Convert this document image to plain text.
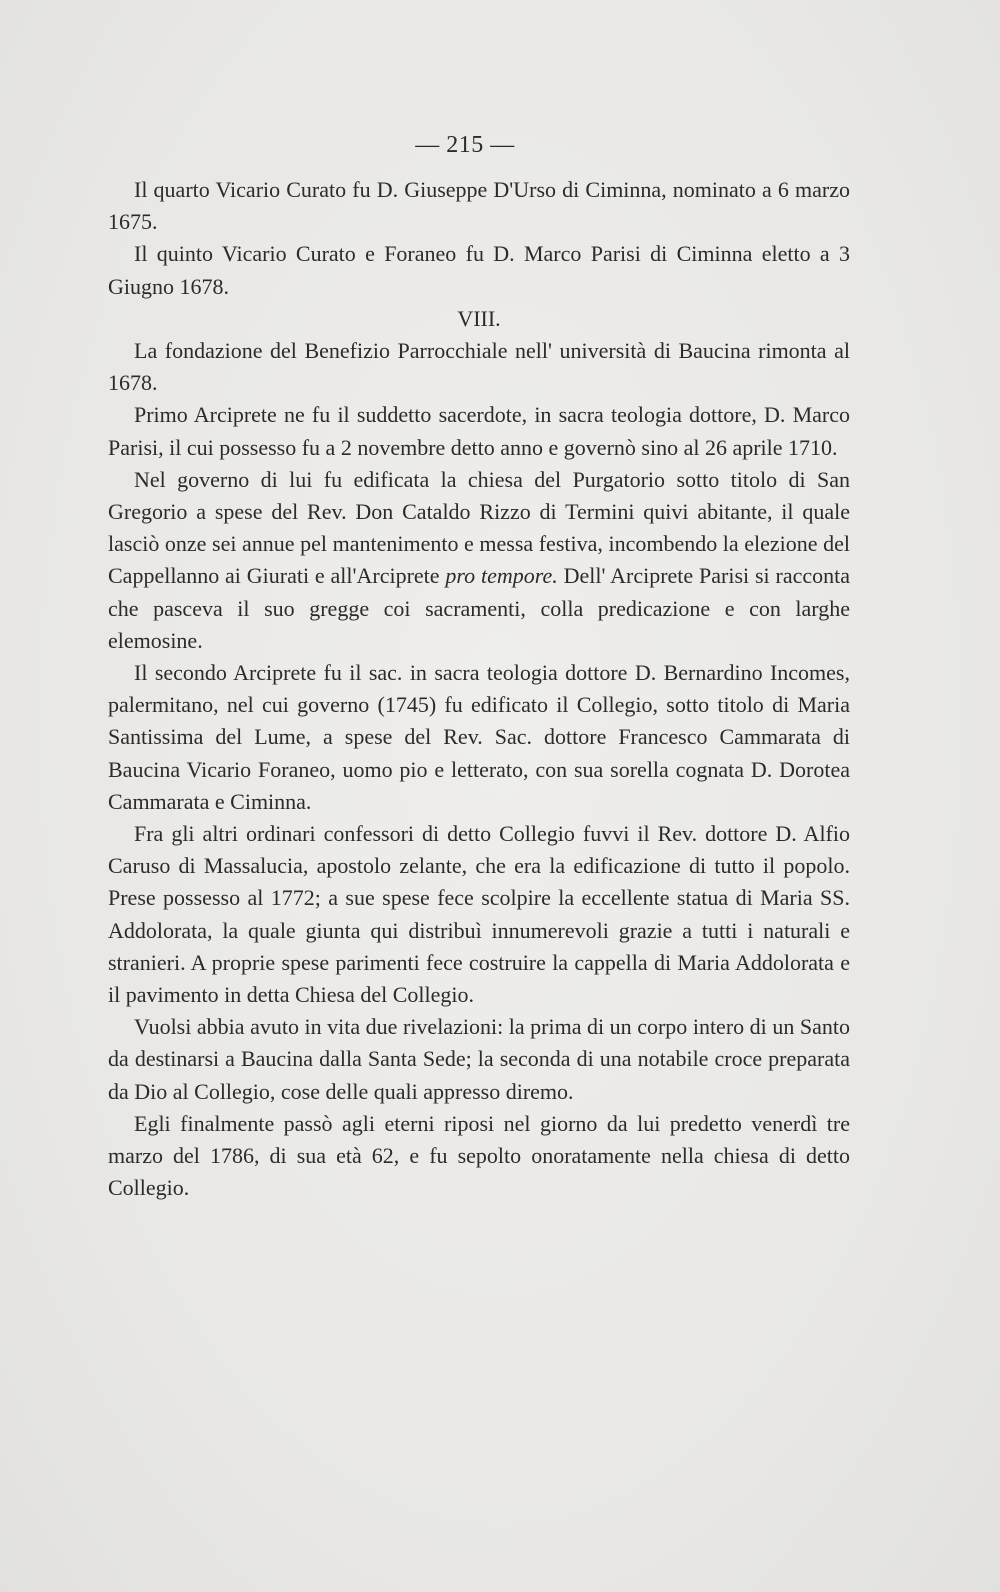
— 215 —

Il quarto Vicario Curato fu D. Giuseppe D'Urso di Ciminna, nominato a 6 marzo 1675.

Il quinto Vicario Curato e Foraneo fu D. Marco Parisi di Ciminna eletto a 3 Giugno 1678.

VIII.

La fondazione del Benefizio Parrocchiale nell' università di Baucina rimonta al 1678.

Primo Arciprete ne fu il suddetto sacerdote, in sacra teologia dottore, D. Marco Parisi, il cui possesso fu a 2 novembre detto anno e governò sino al 26 aprile 1710.

Nel governo di lui fu edificata la chiesa del Purgatorio sotto titolo di San Gregorio a spese del Rev. Don Cataldo Rizzo di Termini quivi abitante, il quale lasciò onze sei annue pel mantenimento e messa festiva, incombendo la elezione del Cappellanno ai Giurati e all'Arciprete pro tempore. Dell' Arciprete Parisi si racconta che pasceva il suo gregge coi sacramenti, colla predicazione e con larghe elemosine.

Il secondo Arciprete fu il sac. in sacra teologia dottore D. Bernardino Incomes, palermitano, nel cui governo (1745) fu edificato il Collegio, sotto titolo di Maria Santissima del Lume, a spese del Rev. Sac. dottore Francesco Cammarata di Baucina Vicario Foraneo, uomo pio e letterato, con sua sorella cognata D. Dorotea Cammarata e Ciminna.

Fra gli altri ordinari confessori di detto Collegio fuvvi il Rev. dottore D. Alfio Caruso di Massalucia, apostolo zelante, che era la edificazione di tutto il popolo. Prese possesso al 1772; a sue spese fece scolpire la eccellente statua di Maria SS. Addolorata, la quale giunta qui distribuì innumerevoli grazie a tutti i naturali e stranieri. A proprie spese parimenti fece costruire la cappella di Maria Addolorata e il pavimento in detta Chiesa del Collegio.

Vuolsi abbia avuto in vita due rivelazioni: la prima di un corpo intero di un Santo da destinarsi a Baucina dalla Santa Sede; la seconda di una notabile croce preparata da Dio al Collegio, cose delle quali appresso diremo.

Egli finalmente passò agli eterni riposi nel giorno da lui predetto venerdì tre marzo del 1786, di sua età 62, e fu sepolto onoratamente nella chiesa di detto Collegio.
